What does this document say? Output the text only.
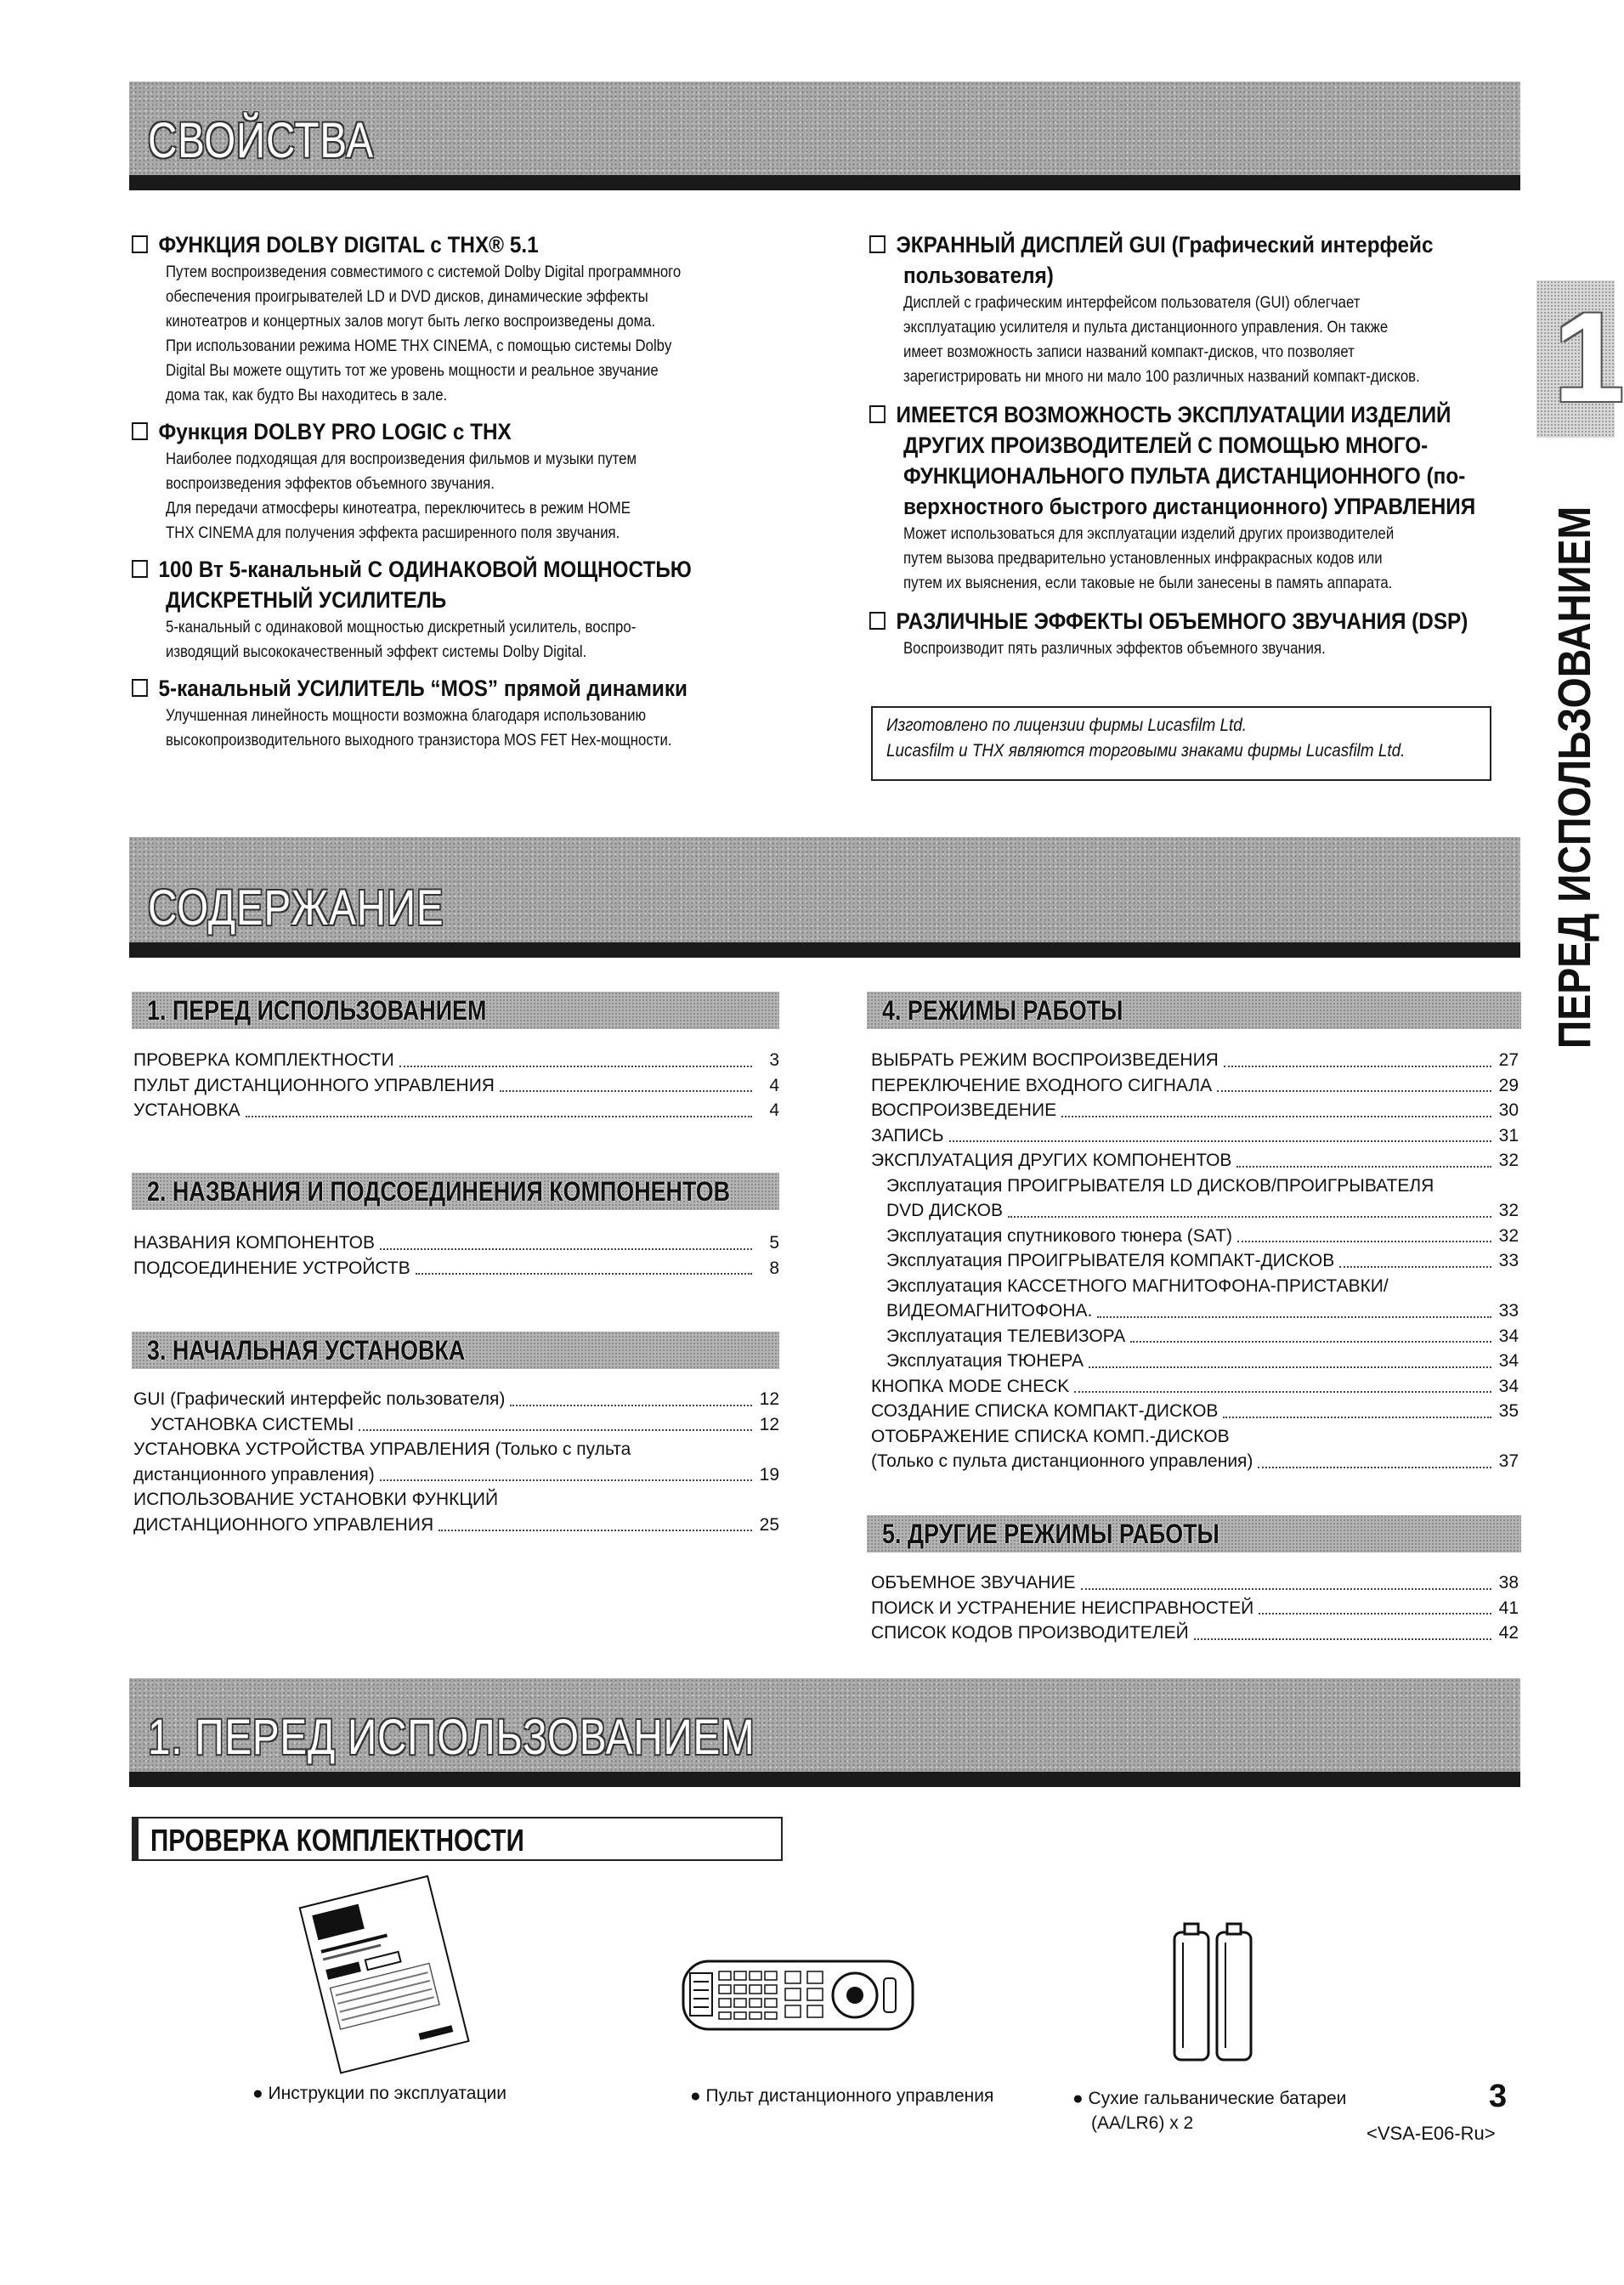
СВОЙСТВА
ФУНКЦИЯ DOLBY DIGITAL с THX® 5.1

Путем воспроизведения совместимого с системой Dolby Digital программного

обеспечения проигрывателей LD и DVD дисков, динамические эффекты

кинотеатров и концертных залов могут быть легко воспроизведены дома.

При использовании режима HOME THX CINEMA, с помощью системы Dolby

Digital Вы можете ощутить тот же уровень мощности и реальное звучание

дома так, как будто Вы находитесь в зале.

Функция DOLBY PRO LOGIC с THX

Наиболее подходящая для воспроизведения фильмов и музыки путем

воспроизведения эффектов объемного звучания.

Для передачи атмосферы кинотеатра, переключитесь в режим HOME

THX CINEMA для получения эффекта расширенного поля звучания.

100 Вт 5-канальный С ОДИНАКОВОЙ МОЩНОСТЬЮ
ДИСКРЕТНЫЙ УСИЛИТЕЛЬ

5-канальный с одинаковой мощностью дискретный усилитель, воспро-

изводящий высококачественный эффект системы Dolby Digital.

5-канальный УСИЛИТЕЛЬ “MOS” прямой динамики

Улучшенная линейность мощности возможна благодаря использованию

высокопроизводительного выходного транзистора MOS FET Hex-мощности.

ЭКРАННЫЙ ДИСПЛЕЙ GUI (Графический интерфейс
пользователя)

Дисплей с графическим интерфейсом пользователя (GUI) облегчает

эксплуатацию усилителя и пульта дистанционного управления. Он также

имеет возможность записи названий компакт-дисков, что позволяет

зарегистрировать ни много ни мало 100 различных названий компакт-дисков.

ИМЕЕТСЯ ВОЗМОЖНОСТЬ ЭКСПЛУАТАЦИИ ИЗДЕЛИЙ
ДРУГИХ ПРОИЗВОДИТЕЛЕЙ С ПОМОЩЬЮ МНОГО-
ФУНКЦИОНАЛЬНОГО ПУЛЬТА ДИСТАНЦИОННОГО (по-
верхностного быстрого дистанционного) УПРАВЛЕНИЯ

Может использоваться для эксплуатации изделий других производителей

путем вызова предварительно установленных инфракрасных кодов или

путем их выяснения, если таковые не были занесены в память аппарата.

РАЗЛИЧНЫЕ ЭФФЕКТЫ ОБЪЕМНОГО ЗВУЧАНИЯ (DSP)

Воспроизводит пять различных эффектов объемного звучания.

Изготовлено по лицензии фирмы Lucasfilm Ltd.
Lucasfilm и THX являются торговыми знаками фирмы Lucasfilm Ltd.
СОДЕРЖАНИЕ
1. ПЕРЕД ИСПОЛЬЗОВАНИЕМ
ПРОВЕРКА КОМПЛЕКТНОСТИ	3
ПУЛЬТ ДИСТАНЦИОННОГО УПРАВЛЕНИЯ	4
УСТАНОВКА	4
2. НАЗВАНИЯ И ПОДСОЕДИНЕНИЯ КОМПОНЕНТОВ
НАЗВАНИЯ КОМПОНЕНТОВ	5
ПОДСОЕДИНЕНИЕ УСТРОЙСТВ	8
3. НАЧАЛЬНАЯ УСТАНОВКА
GUI (Графический интерфейс пользователя)	12
УСТАНОВКА СИСТЕМЫ	12
УСТАНОВКА УСТРОЙСТВА УПРАВЛЕНИЯ (Только с пульта
дистанционного управления)	19
ИСПОЛЬЗОВАНИЕ УСТАНОВКИ ФУНКЦИЙ
ДИСТАНЦИОННОГО УПРАВЛЕНИЯ	25
4. РЕЖИМЫ РАБОТЫ
ВЫБРАТЬ РЕЖИМ ВОСПРОИЗВЕДЕНИЯ	27
ПЕРЕКЛЮЧЕНИЕ ВХОДНОГО СИГНАЛА	29
ВОСПРОИЗВЕДЕНИЕ	30
ЗАПИСЬ	31
ЭКСПЛУАТАЦИЯ ДРУГИХ КОМПОНЕНТОВ	32
Эксплуатация ПРОИГРЫВАТЕЛЯ LD ДИСКОВ/ПРОИГРЫВАТЕЛЯ
DVD ДИСКОВ	32
Эксплуатация спутникового тюнера (SAT)	32
Эксплуатация ПРОИГРЫВАТЕЛЯ КОМПАКТ-ДИСКОВ	33
Эксплуатация КАССЕТНОГО МАГНИТОФОНА-ПРИСТАВКИ/
ВИДЕОМАГНИТОФОНА.	33
Эксплуатация ТЕЛЕВИЗОРА	34
Эксплуатация ТЮНЕРА	34
КНОПКА MODE CHECK	34
СОЗДАНИЕ СПИСКА КОМПАКТ-ДИСКОВ	35
ОТОБРАЖЕНИЕ СПИСКА КОМП.-ДИСКОВ
(Только с пульта дистанционного управления)	37
5. ДРУГИЕ РЕЖИМЫ РАБОТЫ
ОБЪЕМНОЕ ЗВУЧАНИЕ	38
ПОИСК И УСТРАНЕНИЕ НЕИСПРАВНОСТЕЙ	41
СПИСОК КОДОВ ПРОИЗВОДИТЕЛЕЙ	42
1. ПЕРЕД ИСПОЛЬЗОВАНИЕМ
ПРОВЕРКА КОМПЛЕКТНОСТИ
● Инструкции по эксплуатации	● Пульт дистанционного управления	● Сухие гальванические батареи
(AA/LR6) x 2
1
ПЕРЕД ИСПОЛЬЗОВАНИЕМ
3
<VSA-E06-Ru>
